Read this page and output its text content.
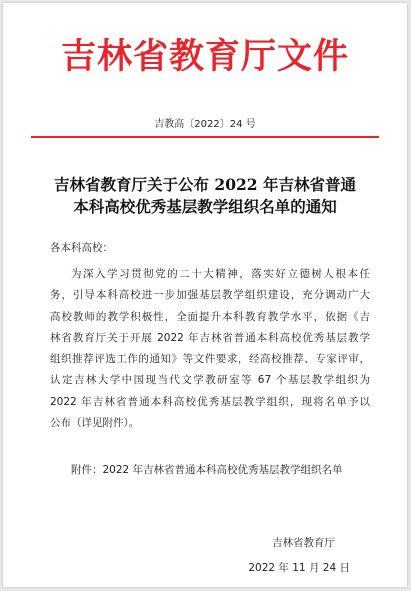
吉林省教育厅文件
吉教高〔2022〕24 号
吉林省教育厅关于公布 2022 年吉林省普通
本科高校优秀基层教学组织名单的通知
各本科高校：
为深入学习贯彻党的二十大精神，落实好立德树人根本任
务，引导本科高校进一步加强基层教学组织建设，充分调动广大
高校教师的教学积极性，全面提升本科教育教学水平，依据《吉
林省教育厅关于开展 2022 年吉林省普通本科高校优秀基层教学
组织推荐评选工作的通知》等文件要求，经高校推荐、专家评审，
认定吉林大学中国现当代文学教研室等 67 个基层教学组织为
2022 年吉林省普通本科高校优秀基层教学组织，现将名单予以
公布（详见附件）。
附件：2022 年吉林省普通本科高校优秀基层教学组织名单
吉林省教育厅
2022 年 11 月 24 日
